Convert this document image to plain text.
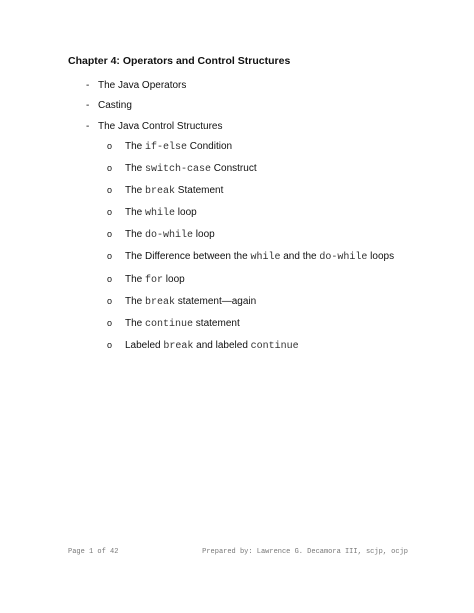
Chapter 4: Operators and Control Structures
- The Java Operators
- Casting
- The Java Control Structures
o The if-else Condition
o The switch-case Construct
o The break Statement
o The while loop
o The do-while loop
o The Difference between the while and the do-while loops
o The for loop
o The break statement—again
o The continue statement
o Labeled break and labeled continue
Page 1 of 42	Prepared by: Lawrence G. Decamora III, scjp, ocjp
